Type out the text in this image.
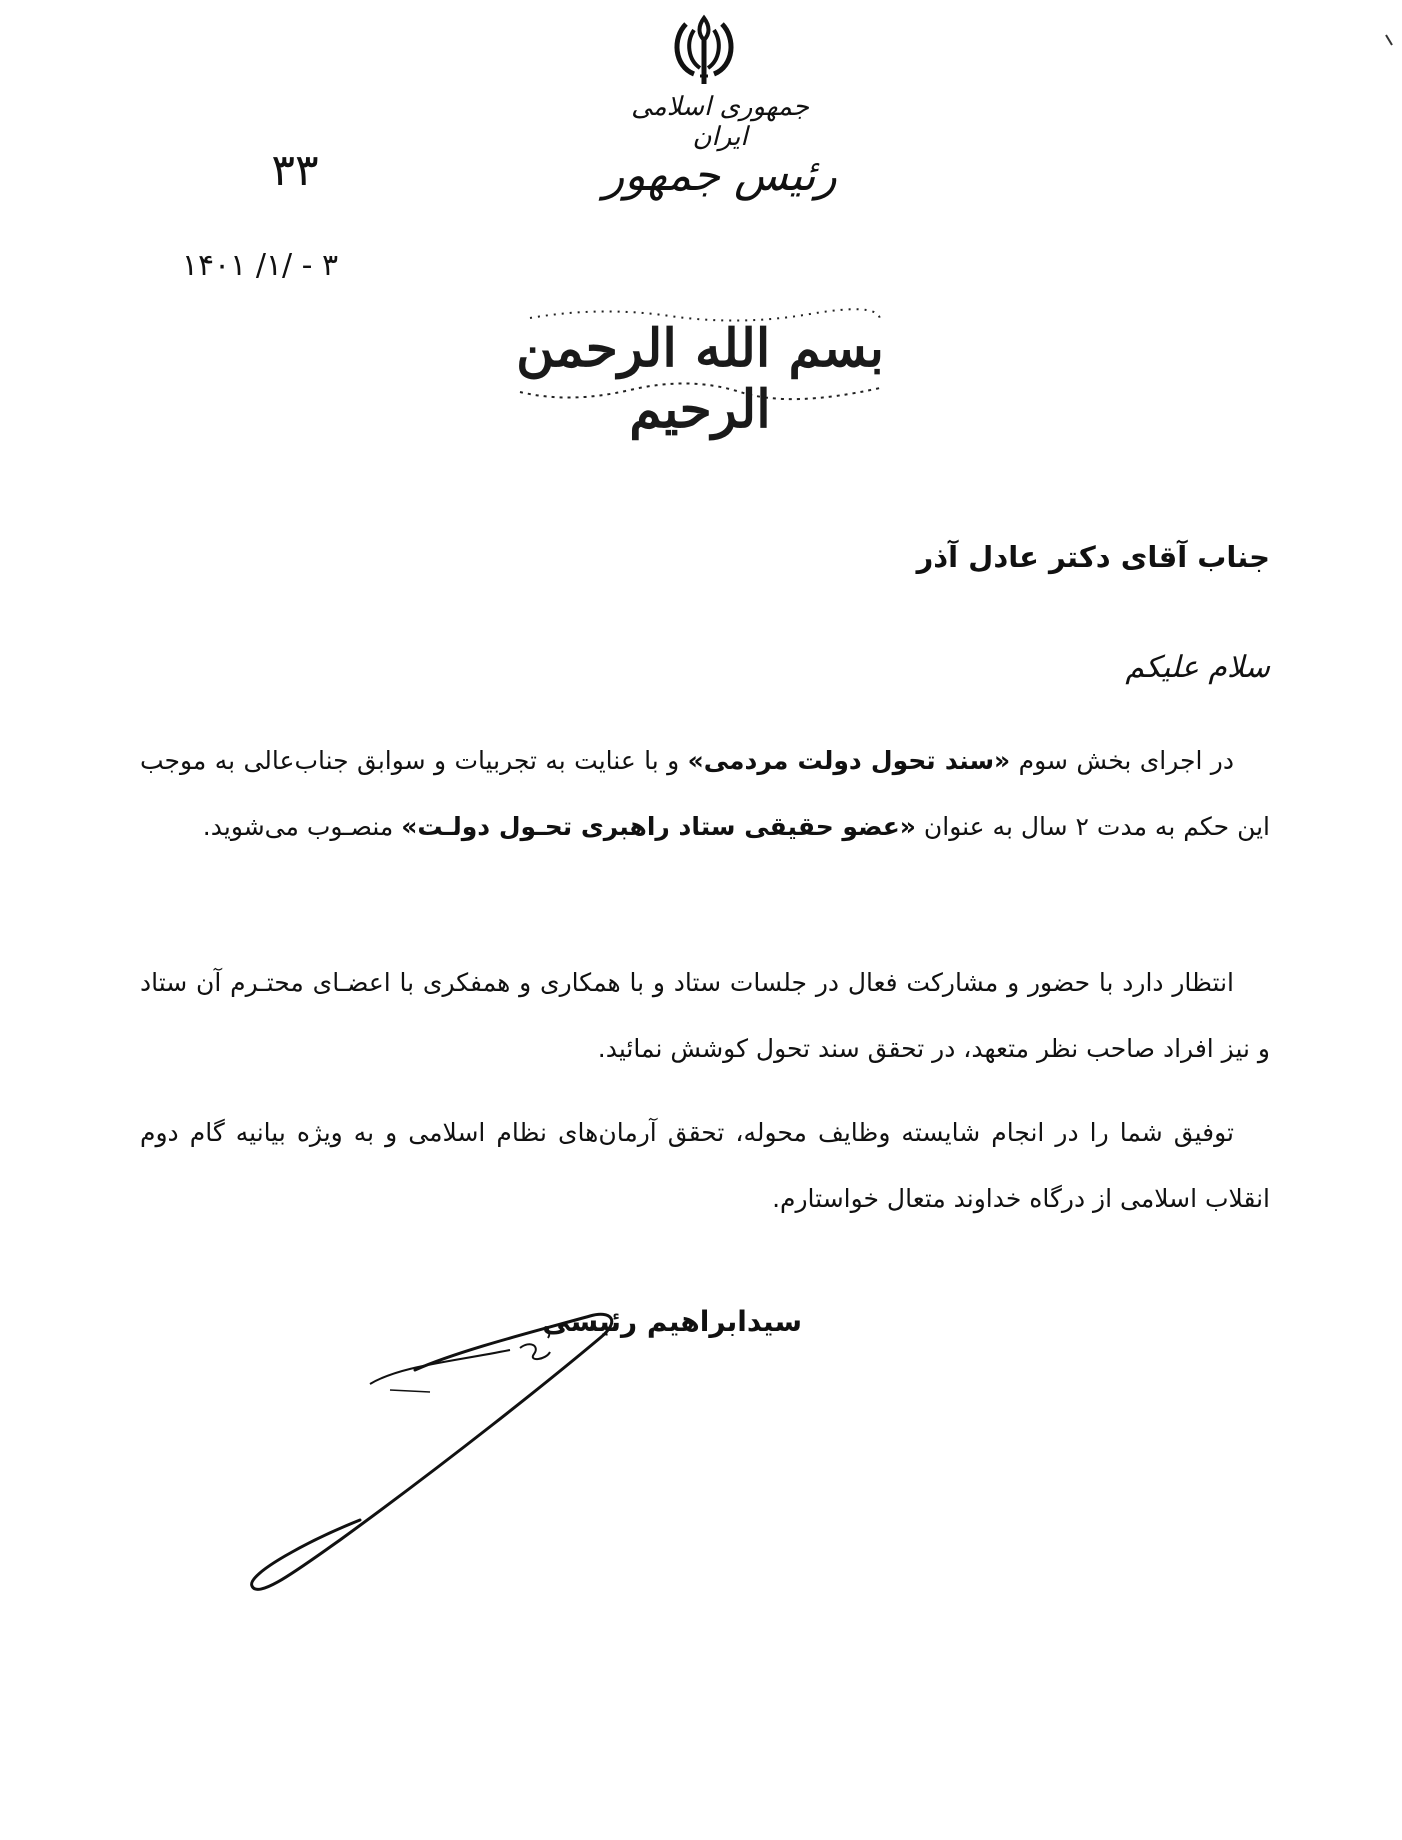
جمهوری اسلامی ایران
رئیس جمهور
۳۳
۱۴۰۱ /۱/ - ۳
بسم الله الرحمن الرحیم
جناب آقای دکتر عادل آذر
سلام علیکم
در اجرای بخش سوم «سند تحول دولت مردمی» و با عنایت به تجربیات و سوابق جناب‌عالی به موجب این حکم به مدت ۲ سال به عنوان «عضو حقیقی ستاد راهبری تحـول دولـت» منصـوب می‌شوید.
انتظار دارد با حضور و مشارکت فعال در جلسات ستاد و با همکاری و همفکری با اعضـای محتـرم آن ستاد و نیز افراد صاحب نظر متعهد، در تحقق سند تحول کوشش نمائید.
توفیق شما را در انجام شایسته وظایف محوله، تحقق آرمان‌های نظام اسلامی و به ویژه بیانیه گام دوم انقلاب اسلامی از درگاه خداوند متعال خواستارم.
سیدابراهیم رئیسی
